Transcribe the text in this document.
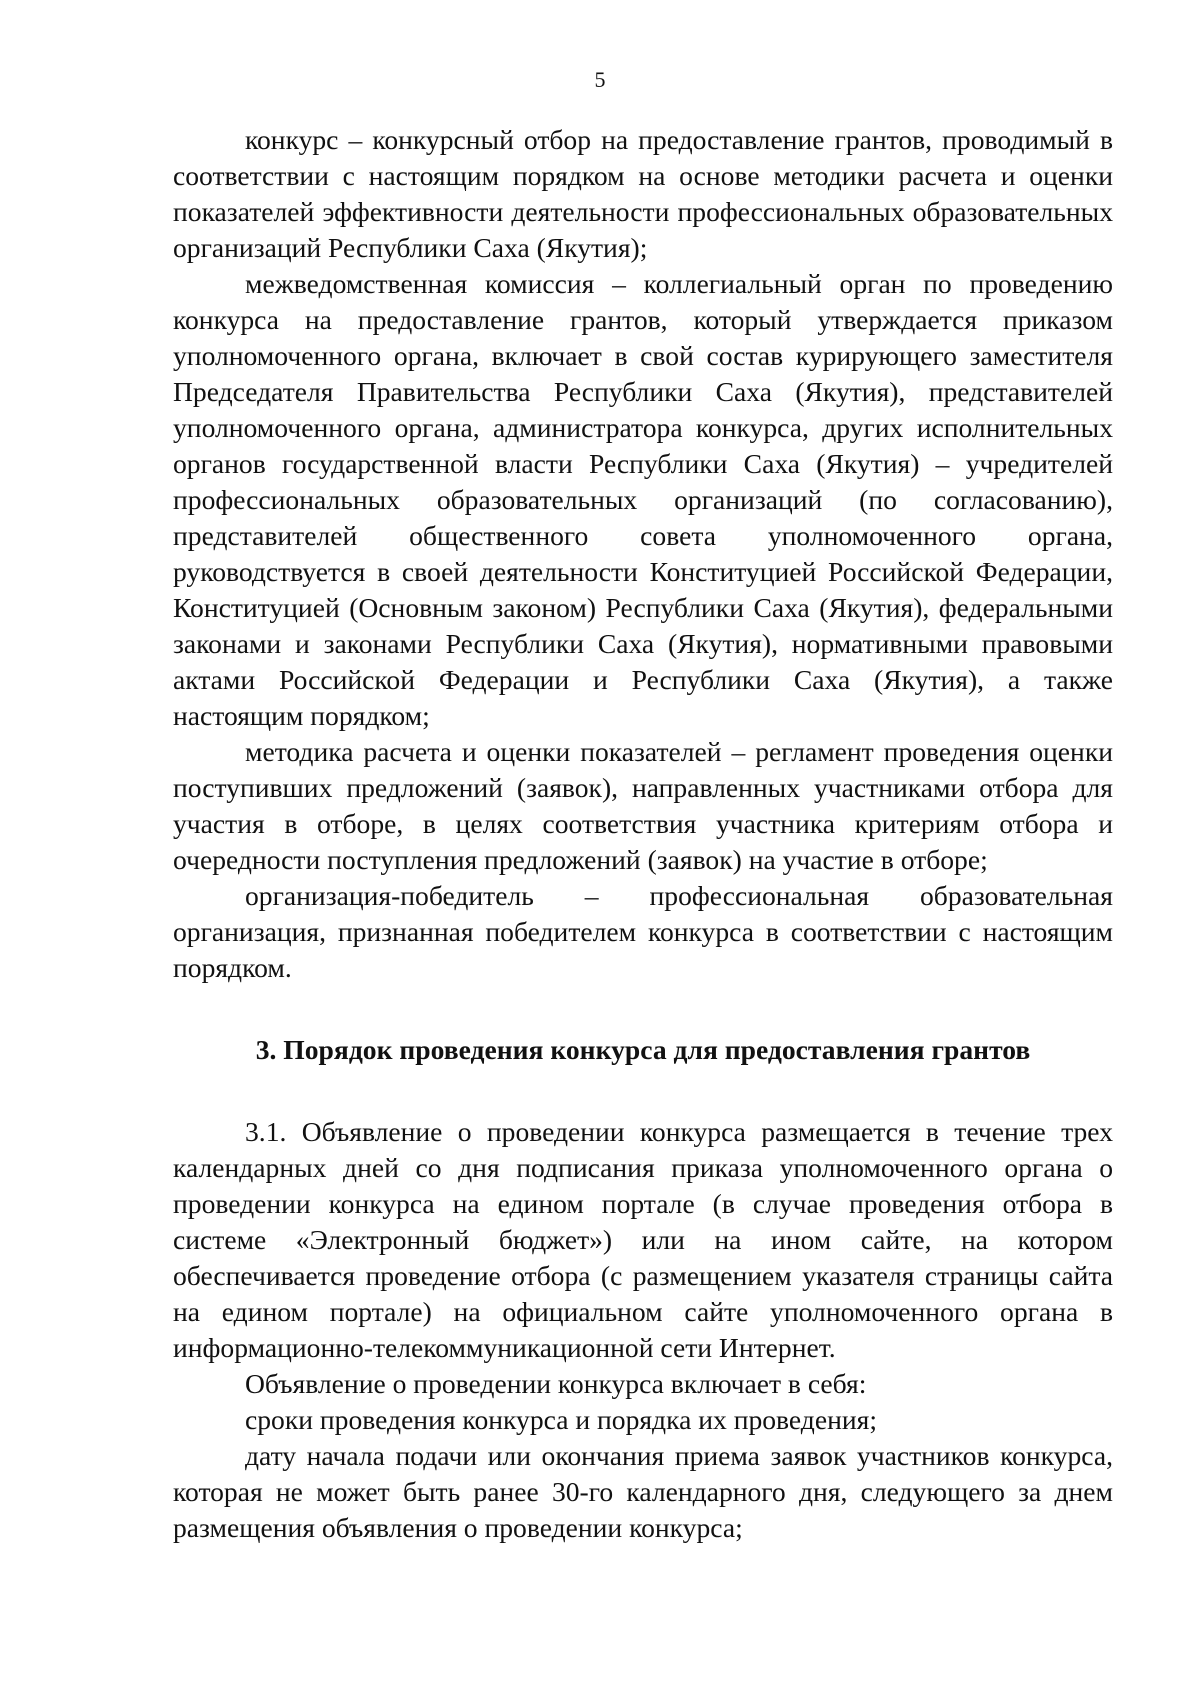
5

конкурс – конкурсный отбор на предоставление грантов, проводимый в соответствии с настоящим порядком на основе методики расчета и оценки показателей эффективности деятельности профессиональных образовательных организаций Республики Саха (Якутия);

межведомственная комиссия – коллегиальный орган по проведению конкурса на предоставление грантов, который утверждается приказом уполномоченного органа, включает в свой состав курирующего заместителя Председателя Правительства Республики Саха (Якутия), представителей уполномоченного органа, администратора конкурса, других исполнительных органов государственной власти Республики Саха (Якутия) – учредителей профессиональных образовательных организаций (по согласованию), представителей общественного совета уполномоченного органа, руководствуется в своей деятельности Конституцией Российской Федерации, Конституцией (Основным законом) Республики Саха (Якутия), федеральными законами и законами Республики Саха (Якутия), нормативными правовыми актами Российской Федерации и Республики Саха (Якутия), а также настоящим порядком;

методика расчета и оценки показателей – регламент проведения оценки поступивших предложений (заявок), направленных участниками отбора для участия в отборе, в целях соответствия участника критериям отбора и очередности поступления предложений (заявок) на участие в отборе;

организация-победитель – профессиональная образовательная организация, признанная победителем конкурса в соответствии с настоящим порядком.

3. Порядок проведения конкурса для предоставления грантов

3.1. Объявление о проведении конкурса размещается в течение трех календарных дней со дня подписания приказа уполномоченного органа о проведении конкурса на едином портале (в случае проведения отбора в системе «Электронный бюджет») или на ином сайте, на котором обеспечивается проведение отбора (с размещением указателя страницы сайта на едином портале) на официальном сайте уполномоченного органа в информационно-телекоммуникационной сети Интернет.

Объявление о проведении конкурса включает в себя:

сроки проведения конкурса и порядка их проведения;

дату начала подачи или окончания приема заявок участников конкурса, которая не может быть ранее 30-го календарного дня, следующего за днем размещения объявления о проведении конкурса;
